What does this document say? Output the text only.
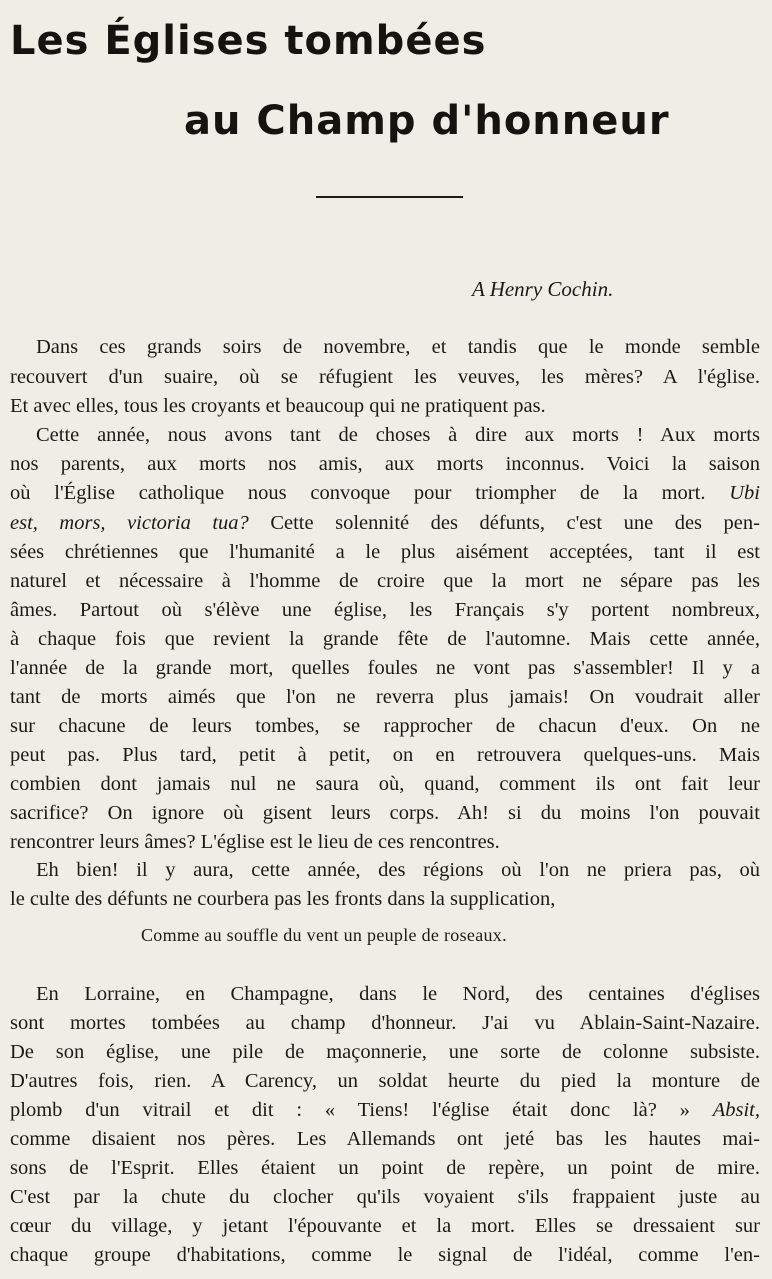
Les Églises tombées
au Champ d'honneur
A Henry Cochin.
Dans ces grands soirs de novembre, et tandis que le monde semble
recouvert d'un suaire, où se réfugient les veuves, les mères? A l'église.
Et avec elles, tous les croyants et beaucoup qui ne pratiquent pas.
Cette année, nous avons tant de choses à dire aux morts ! Aux morts
nos parents, aux morts nos amis, aux morts inconnus. Voici la saison
où l'Église catholique nous convoque pour triompher de la mort. Ubi
est, mors, victoria tua? Cette solennité des défunts, c'est une des pen-
sées chrétiennes que l'humanité a le plus aisément acceptées, tant il est
naturel et nécessaire à l'homme de croire que la mort ne sépare pas les
âmes. Partout où s'élève une église, les Français s'y portent nombreux,
à chaque fois que revient la grande fête de l'automne. Mais cette année,
l'année de la grande mort, quelles foules ne vont pas s'assembler! Il y a
tant de morts aimés que l'on ne reverra plus jamais! On voudrait aller
sur chacune de leurs tombes, se rapprocher de chacun d'eux. On ne
peut pas. Plus tard, petit à petit, on en retrouvera quelques-uns. Mais
combien dont jamais nul ne saura où, quand, comment ils ont fait leur
sacrifice? On ignore où gisent leurs corps. Ah! si du moins l'on pouvait
rencontrer leurs âmes? L'église est le lieu de ces rencontres.
Eh bien! il y aura, cette année, des régions où l'on ne priera pas, où
le culte des défunts ne courbera pas les fronts dans la supplication,
Comme au souffle du vent un peuple de roseaux.
En Lorraine, en Champagne, dans le Nord, des centaines d'églises
sont mortes tombées au champ d'honneur. J'ai vu Ablain-Saint-Nazaire.
De son église, une pile de maçonnerie, une sorte de colonne subsiste.
D'autres fois, rien. A Carency, un soldat heurte du pied la monture de
plomb d'un vitrail et dit : « Tiens! l'église était donc là? » Absit,
comme disaient nos pères. Les Allemands ont jeté bas les hautes mai-
sons de l'Esprit. Elles étaient un point de repère, un point de mire.
C'est par la chute du clocher qu'ils voyaient s'ils frappaient juste au
cœur du village, y jetant l'épouvante et la mort. Elles se dressaient sur
chaque groupe d'habitations, comme le signal de l'idéal, comme l'en-
